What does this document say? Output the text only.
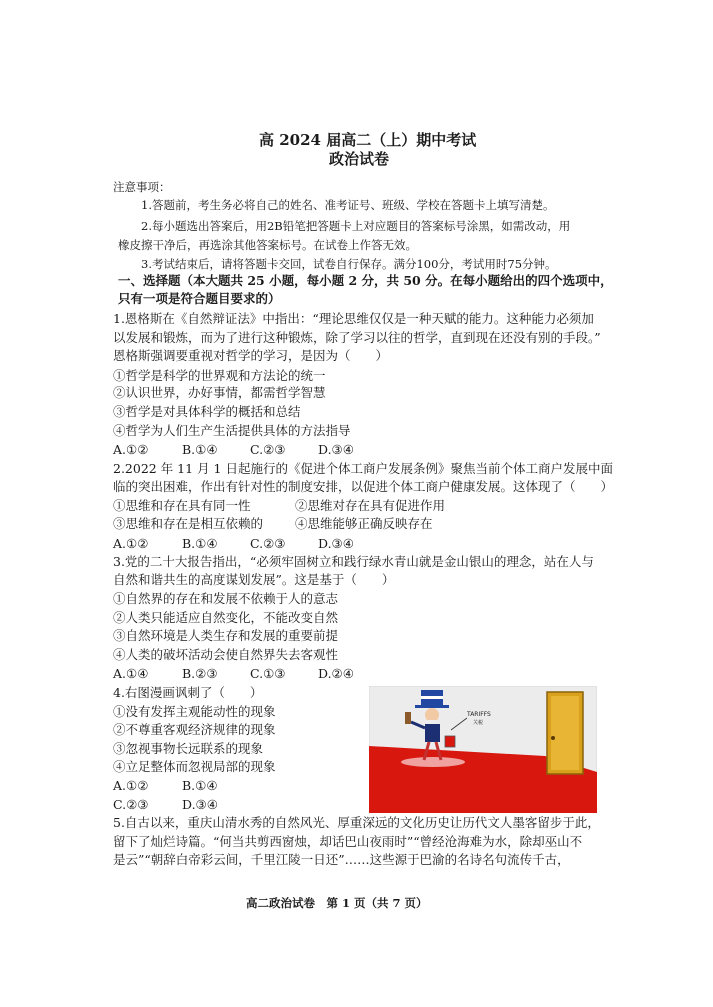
高 2024 届高二（上）期中考试
政治试卷
注意事项：
1.答题前，考生务必将自己的姓名、准考证号、班级、学校在答题卡上填写清楚。
2.每小题选出答案后，用2B铅笔把答题卡上对应题目的答案标号涂黑，如需改动，用
橡皮擦干净后，再选涂其他答案标号。在试卷上作答无效。
3.考试结束后，请将答题卡交回，试卷自行保存。满分100分，考试用时75分钟。
一、选择题（本大题共 25 小题，每小题 2 分，共 50 分。在每小题给出的四个选项中，
只有一项是符合题目要求的）
1.恩格斯在《自然辩证法》中指出：“理论思维仅仅是一种天赋的能力。这种能力必须加
以发展和锻炼，而为了进行这种锻炼，除了学习以往的哲学，直到现在还没有别的手段。”
恩格斯强调要重视对哲学的学习，是因为（　　）
①哲学是科学的世界观和方法论的统一
②认识世界，办好事情，都需哲学智慧
③哲学是对具体科学的概括和总结
④哲学为人们生产生活提供具体的方法指导
A.①②	B.①④	C.②③	D.③④
2.2022 年 11 月 1 日起施行的《促进个体工商户发展条例》聚焦当前个体工商户发展中面
临的突出困难，作出有针对性的制度安排，以促进个体工商户健康发展。这体现了（　　）
①思维和存在具有同一性	②思维对存在具有促进作用
③思维和存在是相互依赖的	④思维能够正确反映存在
A.①②	B.①④	C.②③	D.③④
3.党的二十大报告指出，“必须牢固树立和践行绿水青山就是金山银山的理念，站在人与
自然和谐共生的高度谋划发展”。这是基于（　　）
①自然界的存在和发展不依赖于人的意志
②人类只能适应自然变化，不能改变自然
③自然环境是人类生存和发展的重要前提
④人类的破坏活动会使自然界失去客观性
A.①④	B.②③	C.①③	D.②④
4.右图漫画讽刺了（　　）
①没有发挥主观能动性的现象
②不尊重客观经济规律的现象
③忽视事物长远联系的现象
④立足整体而忽视局部的现象
A.①②	B.①④
C.②③	D.③④
TARIFFS
关税
5.自古以来，重庆山清水秀的自然风光、厚重深远的文化历史让历代文人墨客留步于此，
留下了灿烂诗篇。“何当共剪西窗烛，却话巴山夜雨时”“曾经沧海难为水，除却巫山不
是云”“朝辞白帝彩云间，千里江陵一日还”……这些源于巴渝的名诗名句流传千古，
高二政治试卷　第 1 页（共 7 页）
